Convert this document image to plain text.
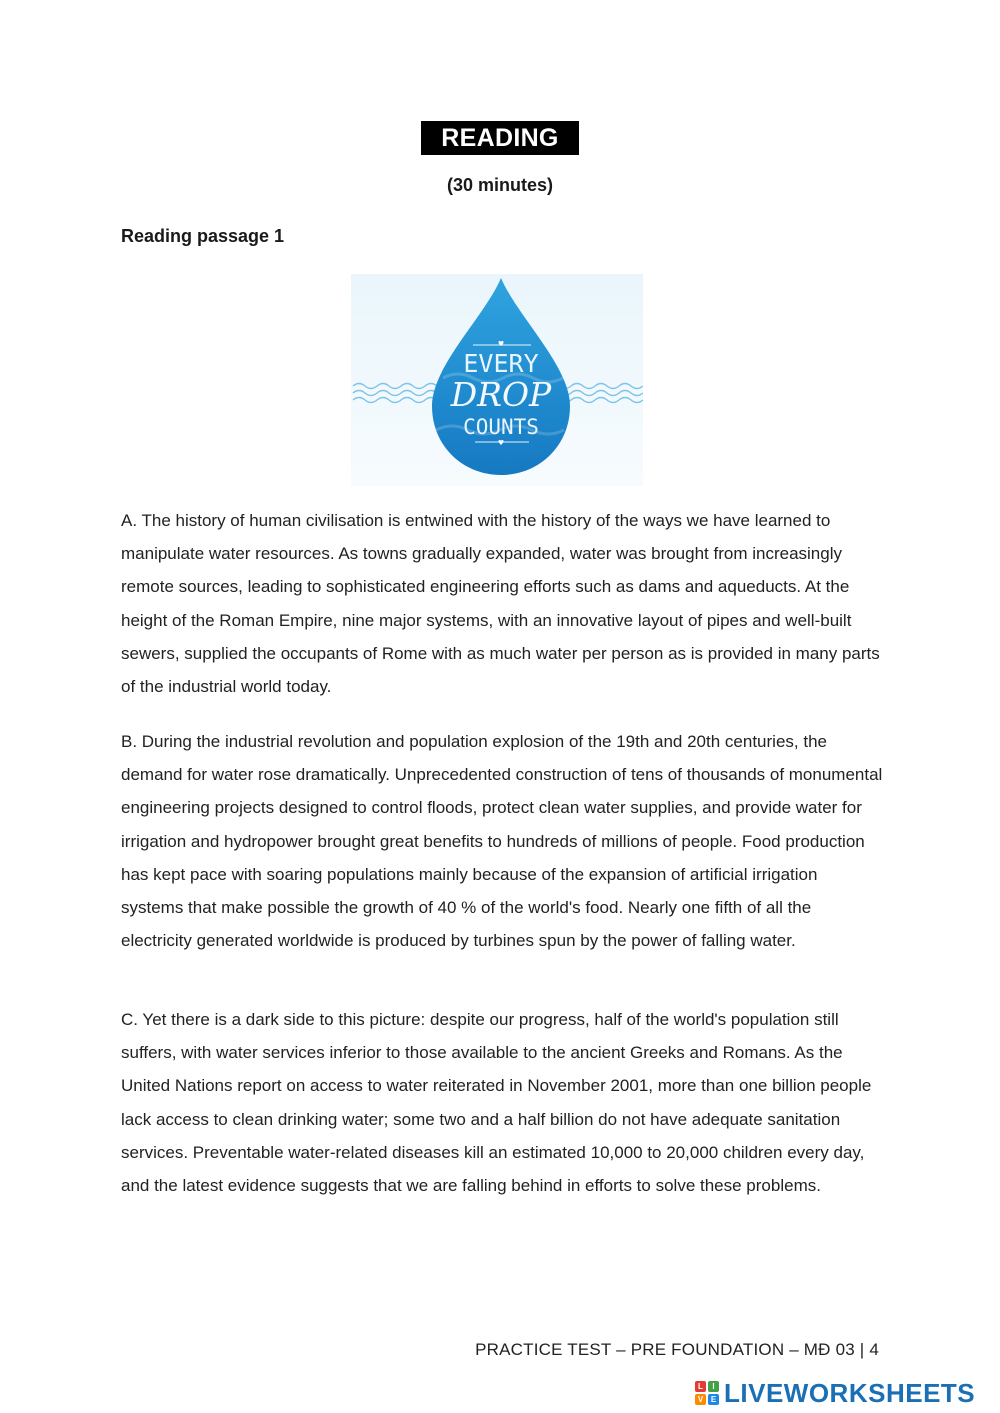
READING
(30 minutes)
Reading passage 1
♥
EVERY
DROP
COUNTS
♥

A. The history of human civilisation is entwined with the history of the ways we have learned to manipulate water resources. As towns gradually expanded, water was brought from increasingly remote sources, leading to sophisticated engineering efforts such as dams and aqueducts. At the height of the Roman Empire, nine major systems, with an innovative layout of pipes and well-built sewers, supplied the occupants of Rome with as much water per person as is provided in many parts of the industrial world today.

B. During the industrial revolution and population explosion of the 19th and 20th centuries, the demand for water rose dramatically. Unprecedented construction of tens of thousands of monumental engineering projects designed to control floods, protect clean water supplies, and provide water for irrigation and hydropower brought great benefits to hundreds of millions of people. Food production has kept pace with soaring populations mainly because of the expansion of artificial irrigation systems that make possible the growth of 40 % of the world's food. Nearly one fifth of all the electricity generated worldwide is produced by turbines spun by the power of falling water.

C. Yet there is a dark side to this picture: despite our progress, half of the world's population still suffers, with water services inferior to those available to the ancient Greeks and Romans. As the United Nations report on access to water reiterated in November 2001, more than one billion people lack access to clean drinking water; some two and a half billion do not have adequate sanitation services. Preventable water-related diseases kill an estimated 10,000 to 20,000 children every day, and the latest evidence suggests that we are falling behind in efforts to solve these problems.

PRACTICE TEST – PRE FOUNDATION – MĐ 03 | 4
L	I
V E LIVEWORKSHEETS
